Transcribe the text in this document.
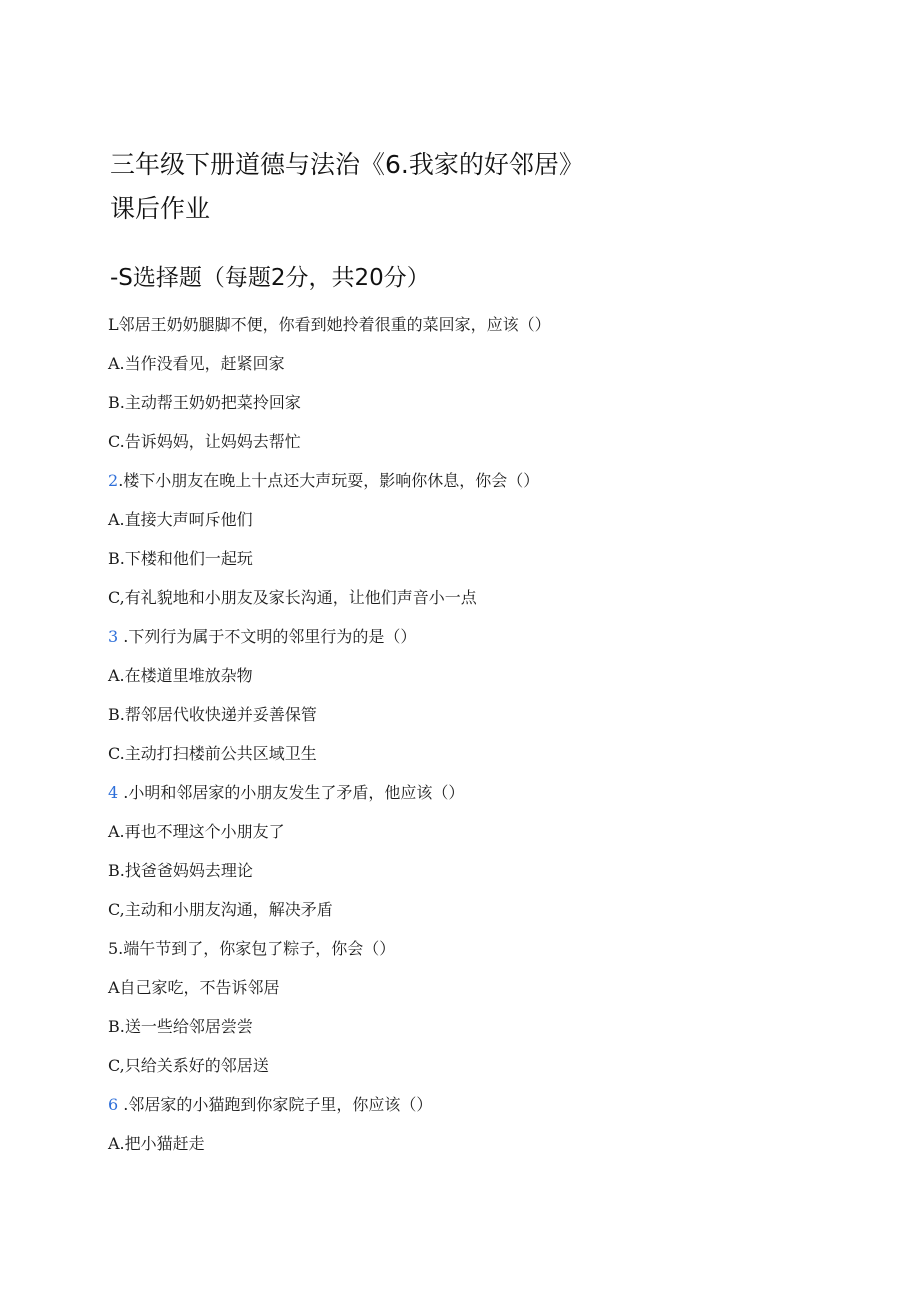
三年级下册道德与法治《6.我家的好邻居》课后作业
-S选择题（每题2分，共20分）
L邻居王奶奶腿脚不便，你看到她拎着很重的菜回家，应该（）
A.当作没看见，赶紧回家
B.主动帮王奶奶把菜拎回家
C.告诉妈妈，让妈妈去帮忙
2.楼下小朋友在晚上十点还大声玩耍，影响你休息，你会（）
A.直接大声呵斥他们
B.下楼和他们一起玩
C,有礼貌地和小朋友及家长沟通，让他们声音小一点
3 .下列行为属于不文明的邻里行为的是（）
A.在楼道里堆放杂物
B.帮邻居代收快递并妥善保管
C.主动打扫楼前公共区域卫生
4 .小明和邻居家的小朋友发生了矛盾，他应该（）
A.再也不理这个小朋友了
B.找爸爸妈妈去理论
C,主动和小朋友沟通，解决矛盾
5.端午节到了，你家包了粽子，你会（）
A自己家吃，不告诉邻居
B.送一些给邻居尝尝
C,只给关系好的邻居送
6 .邻居家的小猫跑到你家院子里，你应该（）
A.把小猫赶走
